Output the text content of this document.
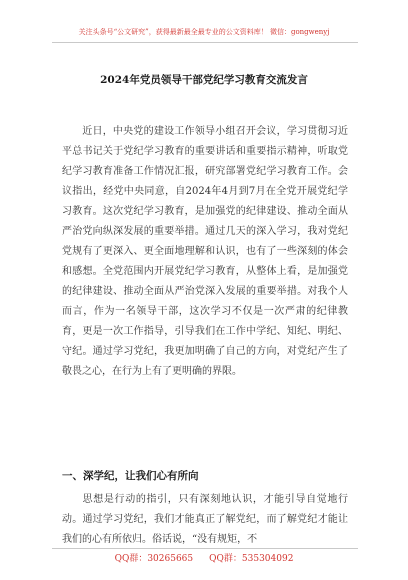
关注头条号“公文研究”，获得最新最全最专业的公文资料库！ 微信：gongwenyj
2024年党员领导干部党纪学习教育交流发言

近日，中央党的建设工作领导小组召开会议，学习贯彻习近平总书记关于党纪学习教育的重要讲话和重要指示精神，听取党纪学习教育准备工作情况汇报，研究部署党纪学习教育工作。会议指出，经党中央同意，自2024年4月到7月在全党开展党纪学习教育。这次党纪学习教育，是加强党的纪律建设、推动全面从严治党向纵深发展的重要举措。通过几天的深入学习，我对党纪党规有了更深入、更全面地理解和认识，也有了一些深刻的体会和感想。全党范围内开展党纪学习教育，从整体上看，是加强党的纪律建设、推动全面从严治党深入发展的重要举措。对我个人而言，作为一名领导干部，这次学习不仅是一次严肃的纪律教育，更是一次工作指导，引导我们在工作中学纪、知纪、明纪、守纪。通过学习党纪，我更加明确了自己的方向，对党纪产生了敬畏之心，在行为上有了更明确的界限。

一、深学纪，让我们心有所向

思想是行动的指引，只有深刻地认识，才能引导自觉地行动。通过学习党纪，我们才能真正了解党纪，而了解党纪才能让我们的心有所依归。俗话说，“没有规矩，不

QQ群：30265665 QQ群：535304092
